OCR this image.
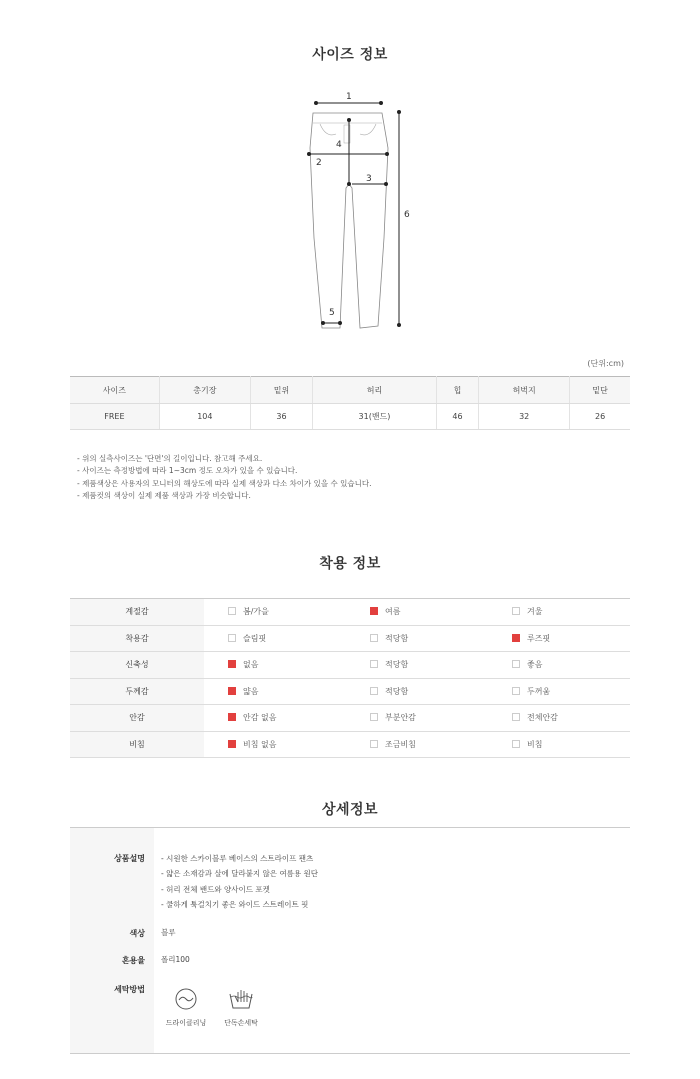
사이즈 정보
1
2
4
3
5
6
(단위:cm)
사이즈	총기장	밑위	허리	힙	허벅지	밑단
FREE	104	36	31(밴드)	46	32	26
- 위의 실측사이즈는 '단면'의 길이입니다. 참고해 주세요.
- 사이즈는 측정방법에 따라 1~3cm 정도 오차가 있을 수 있습니다.
- 제품색상은 사용자의 모니터의 해상도에 따라 실제 색상과 다소 차이가 있을 수 있습니다.
- 제품컷의 색상이 실제 제품 색상과 가장 비슷합니다.
착용 정보
계절감	봄/가을	여름	겨울
착용감	슬림핏	적당함	루즈핏
신축성	없음	적당함	좋음
두께감	얇음	적당함	두꺼움
안감	안감 없음	부분안감	전체안감
비침	비침 없음	조금비침	비침
상세정보
상품설명 - 시원한 스카이블루 베이스의 스트라이프 팬츠
- 얇은 소재감과 살에 달라붙지 않은 여름용 원단
- 허리 전체 밴드와 양사이드 포켓
- 쿨하게 툭걸치기 좋은 와이드 스트레이트 핏
색상 블루
혼용율 폴리100
세탁방법
드라이클리닝	단독손세탁
